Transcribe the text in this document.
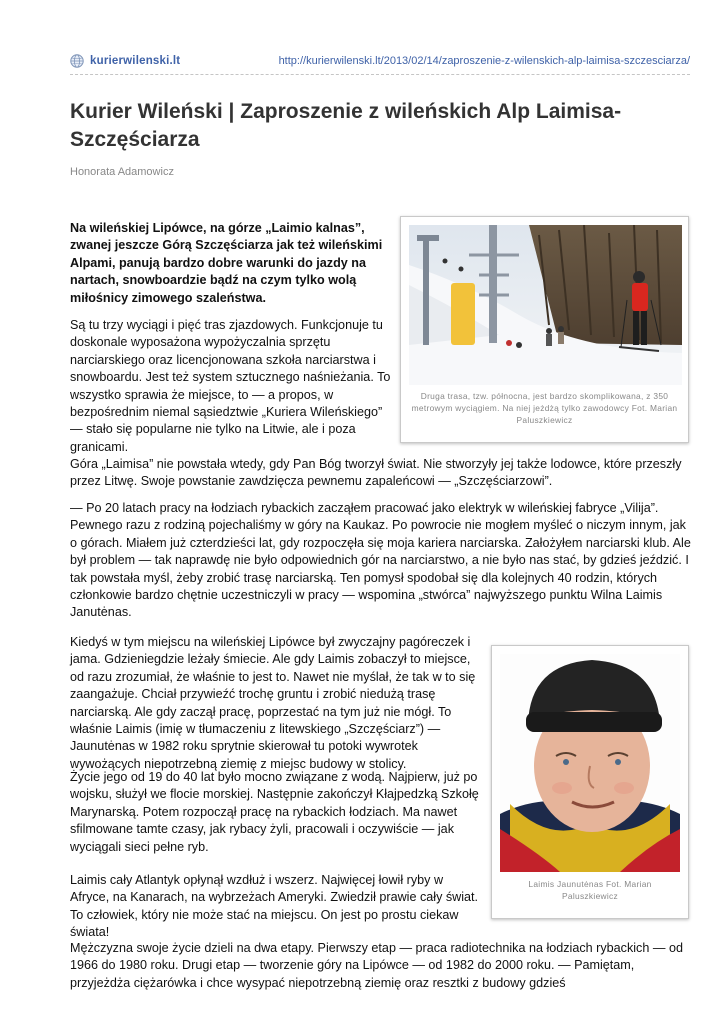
kurierwilenski.lt	http://kurierwilenski.lt/2013/02/14/zaproszenie-z-wilenskich-alp-laimisa-szczesciarza/
Kurier Wileński | Zaproszenie z wileńskich Alp Laimisa-Szczęściarza
Honorata Adamowicz

Na wileńskiej Lipówce, na górze „Laimio kalnas”, zwanej jeszcze Górą Szczęściarza jak też wileńskimi Alpami, panują bardzo dobre warunki do jazdy na nartach, snowboardzie bądź na czym tylko wolą miłośnicy zimowego szaleństwa.

Są tu trzy wyciągi i pięć tras zjazdowych. Funkcjonuje tu doskonale wyposażona wypożyczalnia sprzętu narciarskiego oraz licencjonowana szkoła narciarstwa i snowboardu. Jest też system sztucznego naśnieżania. To wszystko sprawia że miejsce, to — a propos, w bezpośrednim niemal sąsiedztwie „Kuriera Wileńskiego” — stało się popularne nie tylko na Litwie, ale i poza granicami.

Góra „Laimisa” nie powstała wtedy, gdy Pan Bóg tworzył świat. Nie stworzyły jej także lodowce, które przeszły przez Litwę. Swoje powstanie zawdzięcza pewnemu zapaleńcowi — „Szczęściarzowi”.

— Po 20 latach pracy na łodziach rybackich zacząłem pracować jako elektryk w wileńskiej fabryce „Vilija”. Pewnego razu z rodziną pojechaliśmy w góry na Kaukaz. Po powrocie nie mogłem myśleć o niczym innym, jak o górach. Miałem już czterdzieści lat, gdy rozpoczęła się moja kariera narciarska. Założyłem narciarski klub. Ale był problem — tak naprawdę nie było odpowiednich gór na narciarstwo, a nie było nas stać, by gdzieś jeździć. I tak powstała myśl, żeby zrobić trasę narciarską. Ten pomysł spodobał się dla kolejnych 40 rodzin, których członkowie bardzo chętnie uczestniczyli w pracy — wspomina „stwórca” najwyższego punktu Wilna Laimis Janutėnas.

Kiedyś w tym miejscu na wileńskiej Lipówce był zwyczajny pagóreczek i jama. Gdzieniegdzie leżały śmiecie. Ale gdy Laimis zobaczył to miejsce, od razu zrozumiał, że właśnie to jest to. Nawet nie myślał, że tak w to się zaangażuje. Chciał przywieźć trochę gruntu i zrobić niedużą trasę narciarską. Ale gdy zaczął pracę, poprzestać na tym już nie mógł. To właśnie Laimis (imię w tłumaczeniu z litewskiego „Szczęściarz”) — Jaunutėnas w 1982 roku sprytnie skierował tu potoki wywrotek wywożących niepotrzebną ziemię z miejsc budowy w stolicy.

Życie jego od 19 do 40 lat było mocno związane z wodą. Najpierw, już po wojsku, służył we flocie morskiej. Następnie zakończył Kłajpedzką Szkołę Marynarską. Potem rozpoczął pracę na rybackich łodziach. Ma nawet sfilmowane tamte czasy, jak rybacy żyli, pracowali i oczywiście — jak wyciągali sieci pełne ryb.

Laimis cały Atlantyk opłynął wzdłuż i wszerz. Najwięcej łowił ryby w Afryce, na Kanarach, na wybrzeżach Ameryki. Zwiedził prawie cały świat. To człowiek, który nie może stać na miejscu. On jest po prostu ciekaw świata!

Mężczyzna swoje życie dzieli na dwa etapy. Pierwszy etap — praca radiotechnika na łodziach rybackich — od 1966 do 1980 roku. Drugi etap — tworzenie góry na Lipówce — od 1982 do 2000 roku. — Pamiętam, przyjeżdża ciężarówka i chce wysypać niepotrzebną ziemię oraz resztki z budowy gdzieś

Druga trasa, tzw. północna, jest bardzo skomplikowana, z 350 metrowym wyciągiem. Na niej jeżdżą tylko zawodowcy Fot. Marian Paluszkiewicz
Laimis Jaunutėnas Fot. Marian Paluszkiewicz
